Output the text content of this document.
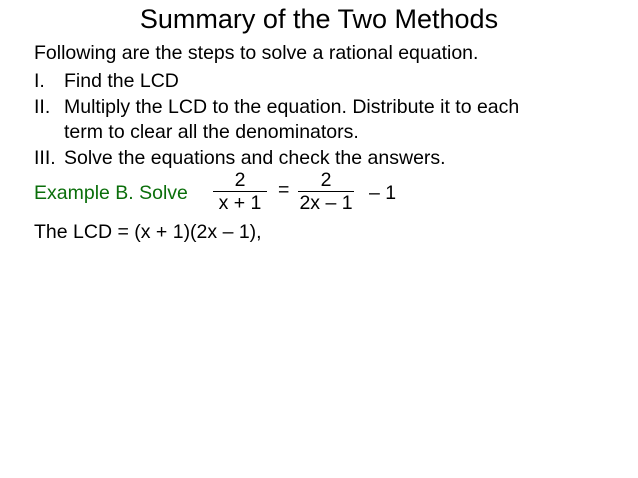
Summary of the Two Methods
Following are the steps to solve a rational equation.
I. Find the LCD
II. Multiply the LCD to the equation. Distribute it to each
term to clear all the denominators.
III. Solve the equations and check the answers.
Example B. Solve
2
x + 1
=	2
2x – 1 – 1
The LCD = (x + 1)(2x – 1),
